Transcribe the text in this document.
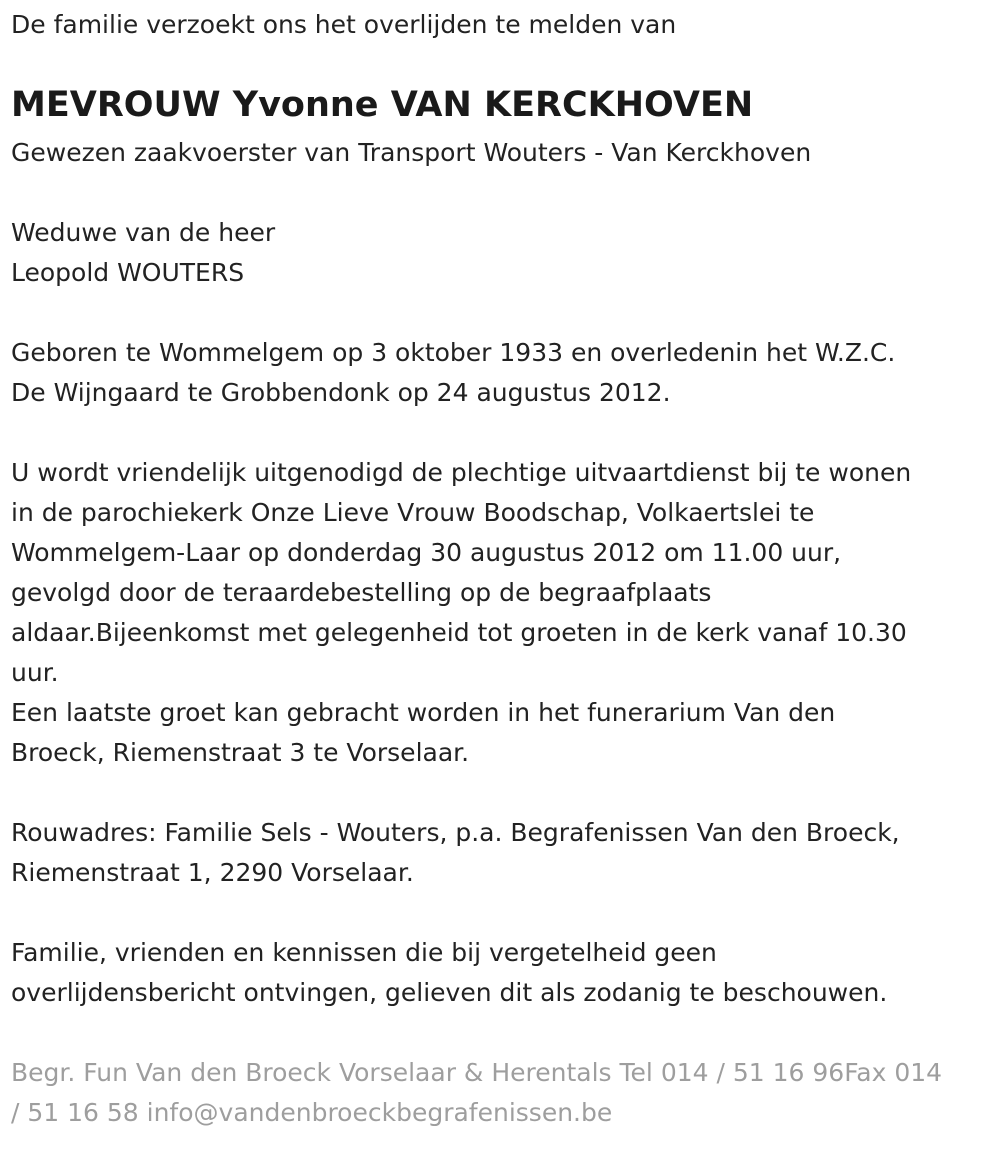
De familie verzoekt ons het overlijden te melden van

MEVROUW Yvonne VAN KERCKHOVEN

Gewezen zaakvoerster van Transport Wouters - Van Kerckhoven

Weduwe van de heer

Leopold WOUTERS

Geboren te Wommelgem op 3 oktober 1933 en overledenin het W.Z.C.

De Wijngaard te Grobbendonk op 24 augustus 2012.

U wordt vriendelijk uitgenodigd de plechtige uitvaartdienst bij te wonen

in de parochiekerk Onze Lieve Vrouw Boodschap, Volkaertslei te

Wommelgem-Laar op donderdag 30 augustus 2012 om 11.00 uur,

gevolgd door de teraardebestelling op de begraafplaats

aldaar.Bijeenkomst met gelegenheid tot groeten in de kerk vanaf 10.30

uur.

Een laatste groet kan gebracht worden in het funerarium Van den

Broeck, Riemenstraat 3 te Vorselaar.

Rouwadres: Familie Sels - Wouters, p.a. Begrafenissen Van den Broeck,

Riemenstraat 1, 2290 Vorselaar.

Familie, vrienden en kennissen die bij vergetelheid geen

overlijdensbericht ontvingen, gelieven dit als zodanig te beschouwen.

Begr. Fun Van den Broeck Vorselaar & Herentals Tel 014 / 51 16 96Fax 014

/ 51 16 58 info@vandenbroeckbegrafenissen.be
